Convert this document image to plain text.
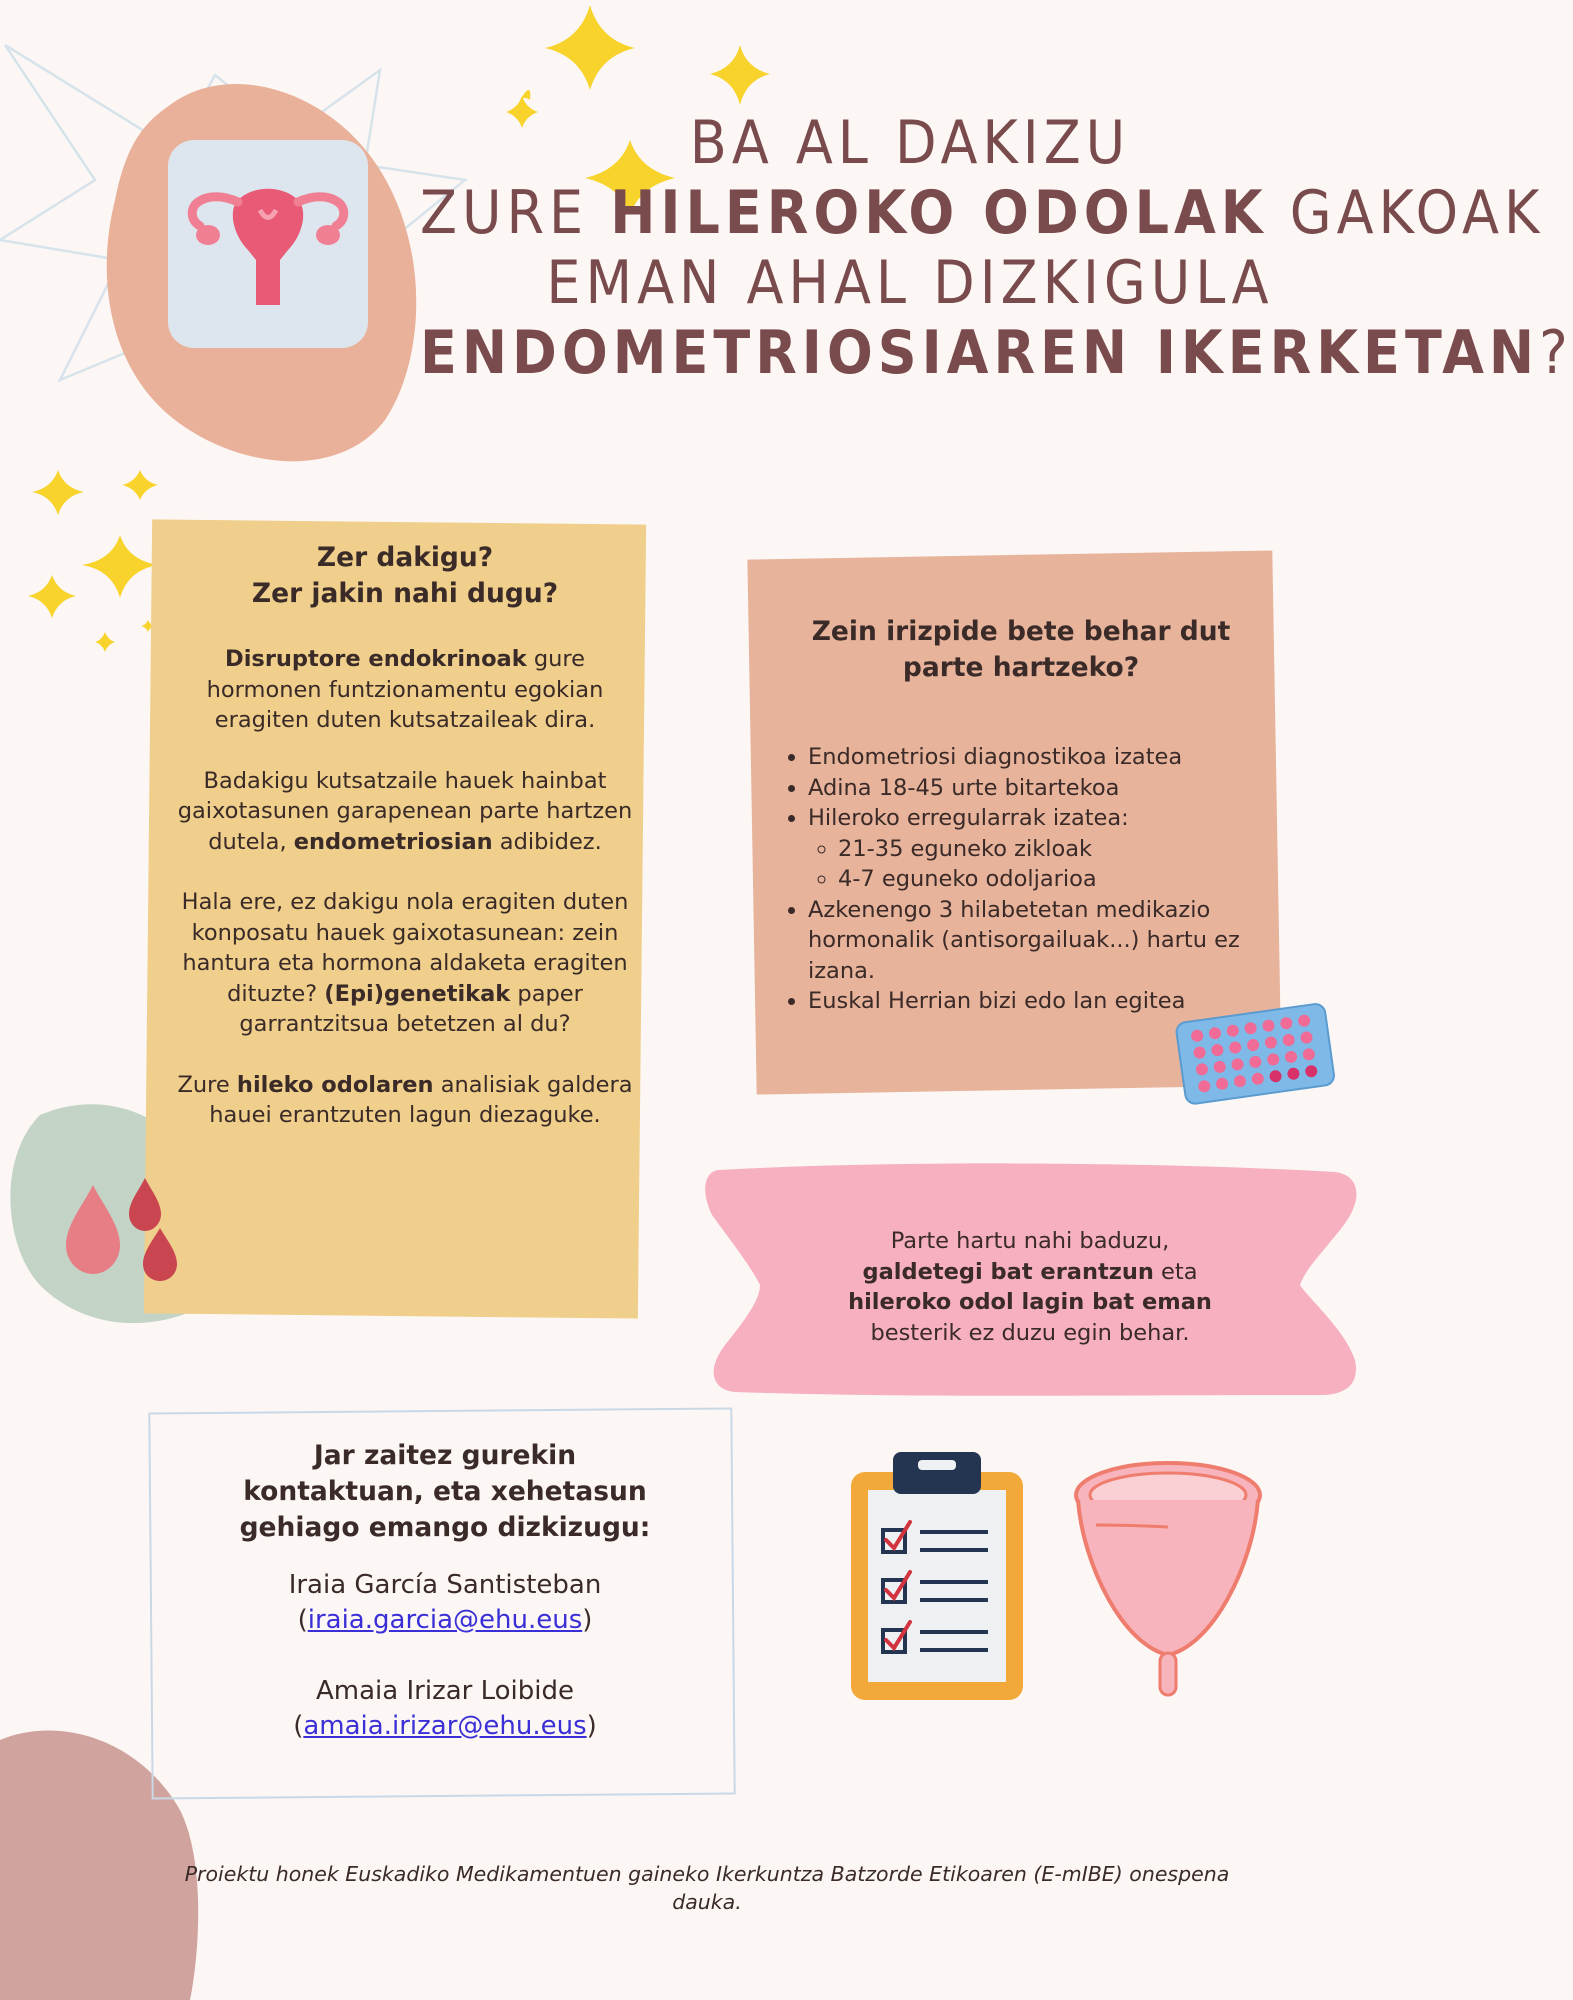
BA AL DAKIZU
ZURE HILEROKO ODOLAK GAKOAK
EMAN AHAL DIZKIGULA
ENDOMETRIOSIAREN IKERKETAN?
Zer dakigu?
Zer jakin nahi dugu?

Disruptore endokrinoak gure hormonen funtzionamentu egokian eragiten duten kutsatzaileak dira.

Badakigu kutsatzaile hauek hainbat gaixotasunen garapenean parte hartzen dutela, endometriosian adibidez.

Hala ere, ez dakigu nola eragiten duten konposatu hauek gaixotasunean: zein hantura eta hormona aldaketa eragiten dituzte? (Epi)genetikak paper garrantzitsua betetzen al du?

Zure hileko odolaren analisiak galdera hauei erantzuten lagun diezaguke.

Zein irizpide bete behar dut parte hartzeko?
• Endometriosi diagnostikoa izatea
• Adina 18-45 urte bitartekoa
• Hileroko erregularrak izatea:
◦ 21-35 eguneko zikloak
◦ 4-7 eguneko odoljarioa
• Azkenengo 3 hilabetetan medikazio hormonalik (antisorgailuak...) hartu ez izana.
• Euskal Herrian bizi edo lan egitea
Parte hartu nahi baduzu,
galdetegi bat erantzun eta
hileroko odol lagin bat eman
besterik ez duzu egin behar.
Jar zaitez gurekin kontaktuan, eta xehetasun gehiago emango dizkizugu:
Iraia García Santisteban
(iraia.garcia@ehu.eus)
Amaia Irizar Loibide
(amaia.irizar@ehu.eus)
Proiektu honek Euskadiko Medikamentuen gaineko Ikerkuntza Batzorde Etikoaren (E-mIBE) onespena dauka.
